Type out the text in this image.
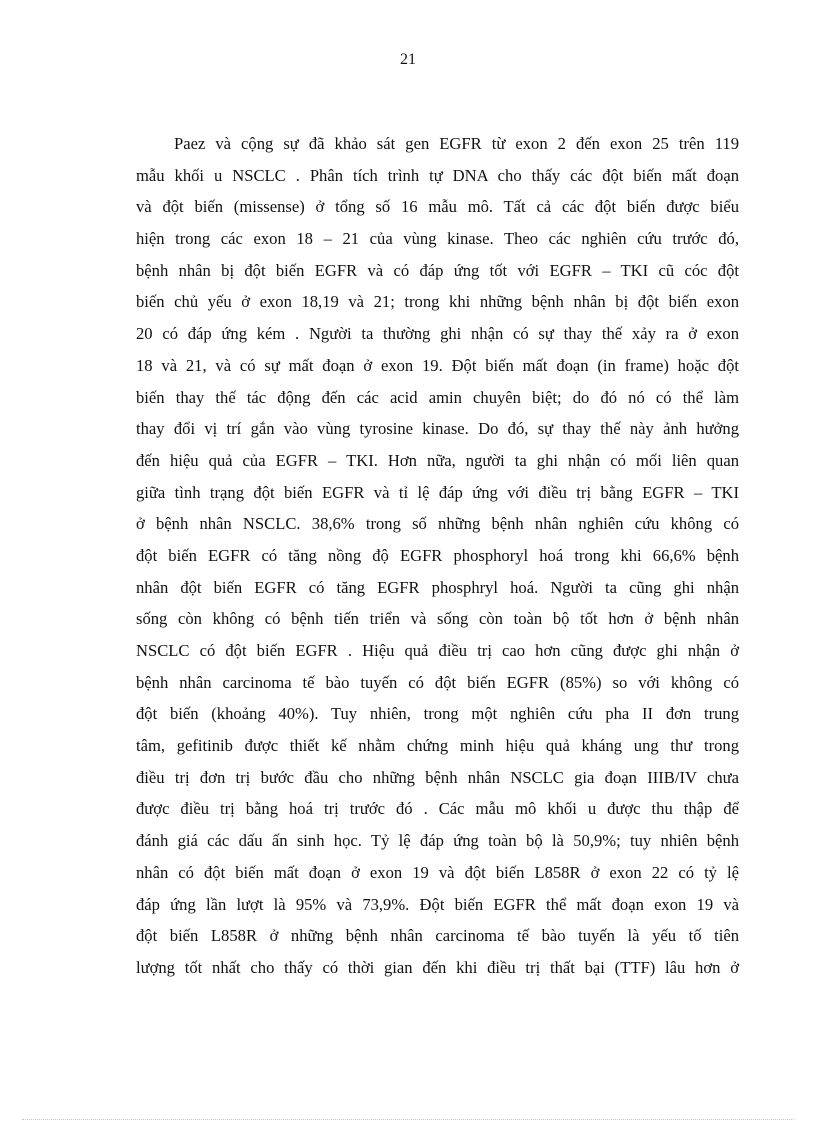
21
Paez và cộng sự đã khảo sát gen EGFR từ exon 2 đến exon 25 trên 119
mẫu khối u NSCLC . Phân tích trình tự DNA cho thấy các đột biến mất đoạn
và đột biến (missense) ở tổng số 16 mẫu mô. Tất cả các đột biến được biểu
hiện trong các exon 18 – 21 của vùng kinase. Theo các nghiên cứu trước đó,
bệnh nhân bị đột biến EGFR và có đáp ứng tốt với EGFR – TKI cũ cóc đột
biến chủ yếu ở exon 18,19 và 21; trong khi những bệnh nhân bị đột biến exon
20 có đáp ứng kém . Người ta thường ghi nhận có sự thay thế xảy ra ở exon
18 và 21, và có sự mất đoạn ở exon 19. Đột biến mất đoạn (in frame) hoặc đột
biến thay thế tác động đến các acid amin chuyên biệt; do đó nó có thể làm
thay đổi vị trí gắn vào vùng tyrosine kinase. Do đó, sự thay thế này ảnh hưởng
đến hiệu quả của EGFR – TKI. Hơn nữa, người ta ghi nhận có mối liên quan
giữa tình trạng đột biến EGFR và tỉ lệ đáp ứng với điều trị bằng EGFR – TKI
ở bệnh nhân NSCLC. 38,6% trong số những bệnh nhân nghiên cứu không có
đột biến EGFR có tăng nồng độ EGFR phosphoryl hoá trong khi 66,6% bệnh
nhân đột biến EGFR có tăng EGFR phosphryl hoá. Người ta cũng ghi nhận
sống còn không có bệnh tiến triển và sống còn toàn bộ tốt hơn ở bệnh nhân
NSCLC có đột biến EGFR . Hiệu quả điều trị cao hơn cũng được ghi nhận ở
bệnh nhân carcinoma tế bào tuyến có đột biến EGFR (85%) so với không có
đột biến (khoảng 40%). Tuy nhiên, trong một nghiên cứu pha II đơn trung
tâm, gefitinib được thiết kế nhằm chứng minh hiệu quả kháng ung thư trong
điều trị đơn trị bước đầu cho những bệnh nhân NSCLC gia đoạn IIIB/IV chưa
được điều trị bằng hoá trị trước đó . Các mẫu mô khối u được thu thập để
đánh giá các dấu ấn sinh học. Tỷ lệ đáp ứng toàn bộ là 50,9%; tuy nhiên bệnh
nhân có đột biến mất đoạn ở exon 19 và đột biến L858R ở exon 22 có tỷ lệ
đáp ứng lần lượt là 95% và 73,9%. Đột biến EGFR thể mất đoạn exon 19 và
đột biến L858R ở những bệnh nhân carcinoma tế bào tuyến là yếu tố tiên
lượng tốt nhất cho thấy có thời gian đến khi điều trị thất bại (TTF) lâu hơn ở
